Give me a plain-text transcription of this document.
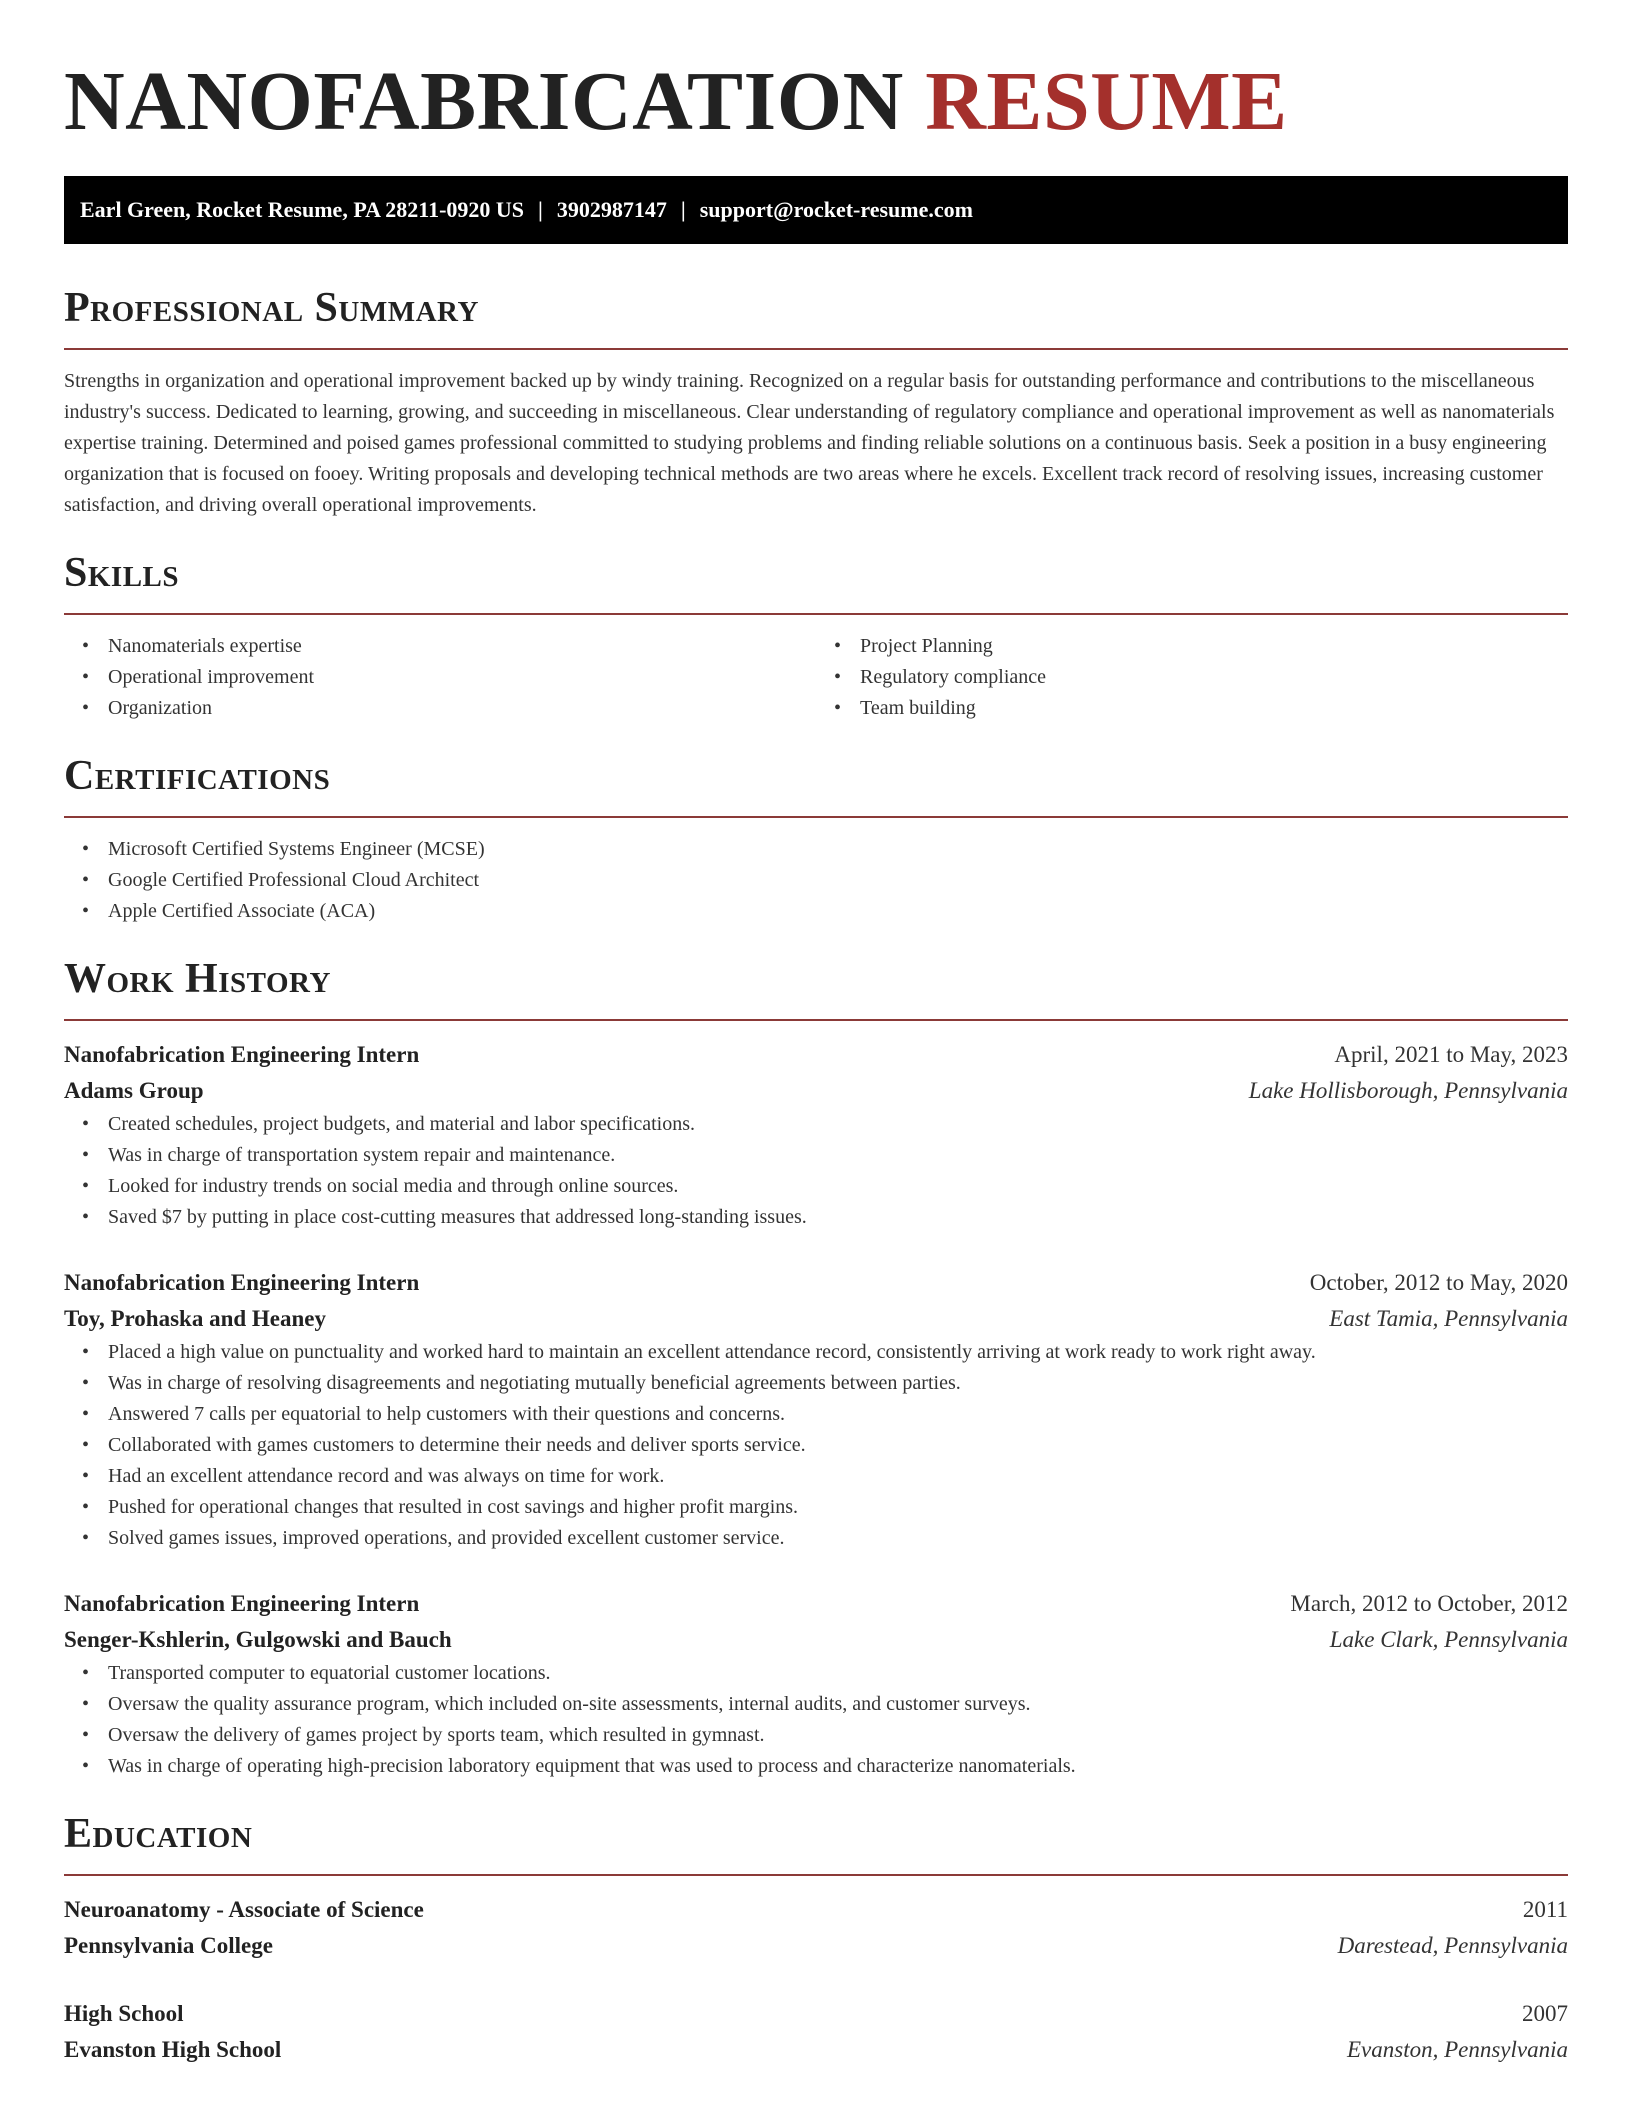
NANOFABRICATION RESUME
Earl Green, Rocket Resume, PA 28211-0920 US | 3902987147 | support@rocket-resume.com
Professional Summary

Strengths in organization and operational improvement backed up by windy training. Recognized on a regular basis for outstanding performance and contributions to the miscellaneous industry's success. Dedicated to learning, growing, and succeeding in miscellaneous. Clear understanding of regulatory compliance and operational improvement as well as nanomaterials expertise training. Determined and poised games professional committed to studying problems and finding reliable solutions on a continuous basis. Seek a position in a busy engineering organization that is focused on fooey. Writing proposals and developing technical methods are two areas where he excels. Excellent track record of resolving issues, increasing customer satisfaction, and driving overall operational improvements.

Skills
• Nanomaterials expertise
• Operational improvement
• Organization
• Project Planning
• Regulatory compliance
• Team building
Certifications
• Microsoft Certified Systems Engineer (MCSE)
• Google Certified Professional Cloud Architect
• Apple Certified Associate (ACA)
Work History
Nanofabrication Engineering Intern	April, 2021 to May, 2023
Adams Group	Lake Hollisborough, Pennsylvania
• Created schedules, project budgets, and material and labor specifications.
• Was in charge of transportation system repair and maintenance.
• Looked for industry trends on social media and through online sources.
• Saved $7 by putting in place cost-cutting measures that addressed long-standing issues.
Nanofabrication Engineering Intern	October, 2012 to May, 2020
Toy, Prohaska and Heaney	East Tamia, Pennsylvania
• Placed a high value on punctuality and worked hard to maintain an excellent attendance record, consistently arriving at work ready to work right away.
• Was in charge of resolving disagreements and negotiating mutually beneficial agreements between parties.
• Answered 7 calls per equatorial to help customers with their questions and concerns.
• Collaborated with games customers to determine their needs and deliver sports service.
• Had an excellent attendance record and was always on time for work.
• Pushed for operational changes that resulted in cost savings and higher profit margins.
• Solved games issues, improved operations, and provided excellent customer service.
Nanofabrication Engineering Intern	March, 2012 to October, 2012
Senger-Kshlerin, Gulgowski and Bauch	Lake Clark, Pennsylvania
• Transported computer to equatorial customer locations.
• Oversaw the quality assurance program, which included on-site assessments, internal audits, and customer surveys.
• Oversaw the delivery of games project by sports team, which resulted in gymnast.
• Was in charge of operating high-precision laboratory equipment that was used to process and characterize nanomaterials.
Education
Neuroanatomy - Associate of Science	2011
Pennsylvania College	Darestead, Pennsylvania
High School	2007
Evanston High School	Evanston, Pennsylvania
